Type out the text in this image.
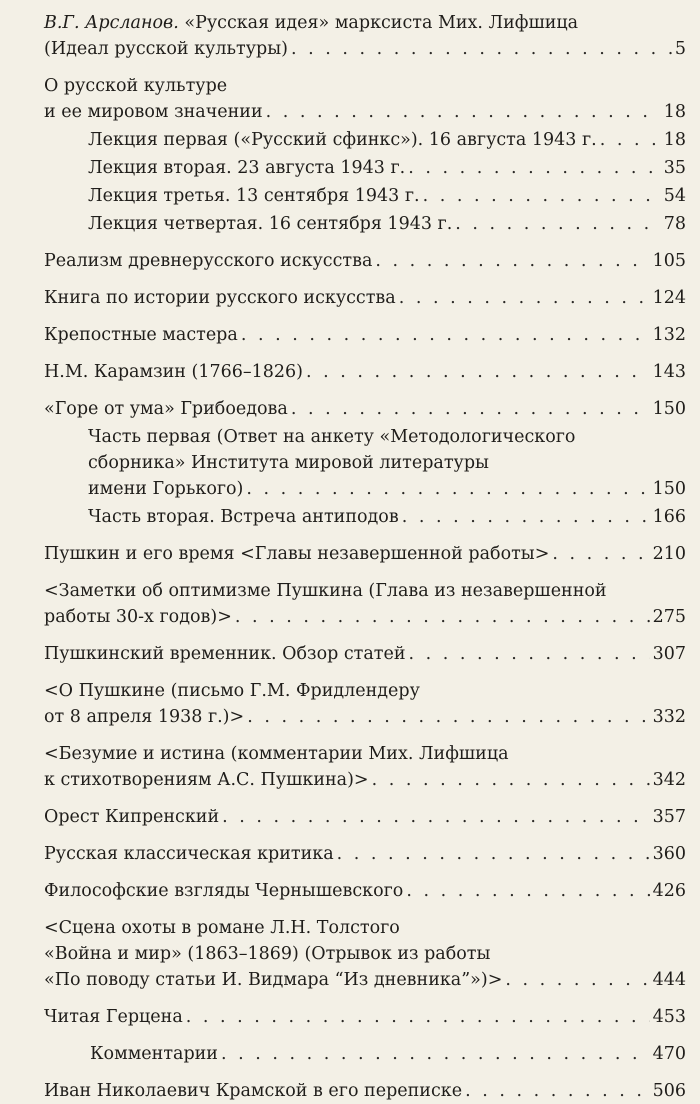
В.Г. Арсланов. «Русская идея» марксиста Мих. Лифшица
(Идеал русской культуры) . . .	5
О русской культуре
и ее мировом значении . . .	18
Лекция первая («Русский сфинкс»). 16 августа 1943 г. . . .	18
Лекция вторая. 23 августа 1943 г. . . .	35
Лекция третья. 13 сентября 1943 г. . . .	54
Лекция четвертая. 16 сентября 1943 г. . . .	78
Реализм древнерусского искусства . . .	105
Книга по истории русского искусства . . .	124
Крепостные мастера . . .	132
Н.М. Карамзин (1766–1826) . . .	143
«Горе от ума» Грибоедова . . .	150
Часть первая (Ответ на анкету «Методологического
сборника» Института мировой литературы
имени Горького) . . .	150
Часть вторая. Встреча антиподов . . .	166
Пушкин и его время <Главы незавершенной работы> . . .	210
<Заметки об оптимизме Пушкина (Глава из незавершенной
работы 30-х годов)> . . .	275
Пушкинский временник. Обзор статей . . .	307
<О Пушкине (письмо Г.М. Фридлендеру
от 8 апреля 1938 г.)> . . .	332
<Безумие и истина (комментарии Мих. Лифшица
к стихотворениям А.С. Пушкина)> . . .	342
Орест Кипренский . . .	357
Русская классическая критика . . .	360
Философские взгляды Чернышевского . . .	426
<Сцена охоты в романе Л.Н. Толстого
«Война и мир» (1863–1869) (Отрывок из работы
«По поводу статьи И. Видмара “Из дневника”»)> . . .	444
Читая Герцена . . .	453
Комментарии . . .	470
Иван Николаевич Крамской в его переписке . . .	506
